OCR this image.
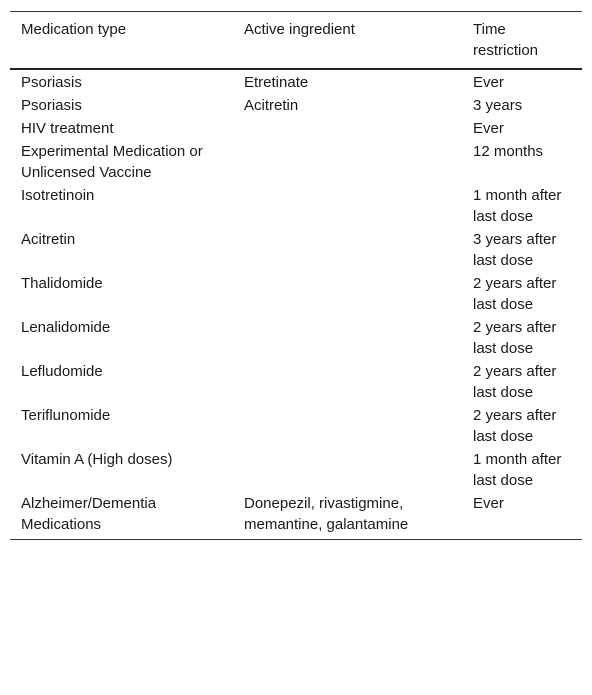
Medication type	Active ingredient	Time restriction
Psoriasis	Etretinate	Ever
Psoriasis	Acitretin	3 years
HIV treatment		Ever
Experimental Medication or Unlicensed Vaccine		12 months
Isotretinoin		1 month after last dose
Acitretin		3 years after last dose
Thalidomide		2 years after last dose
Lenalidomide		2 years after last dose
Lefludomide		2 years after last dose
Teriflunomide		2 years after last dose
Vitamin A (High doses)		1 month after last dose
Alzheimer/Dementia Medications	Donepezil, rivastigmine, memantine, galantamine	Ever
